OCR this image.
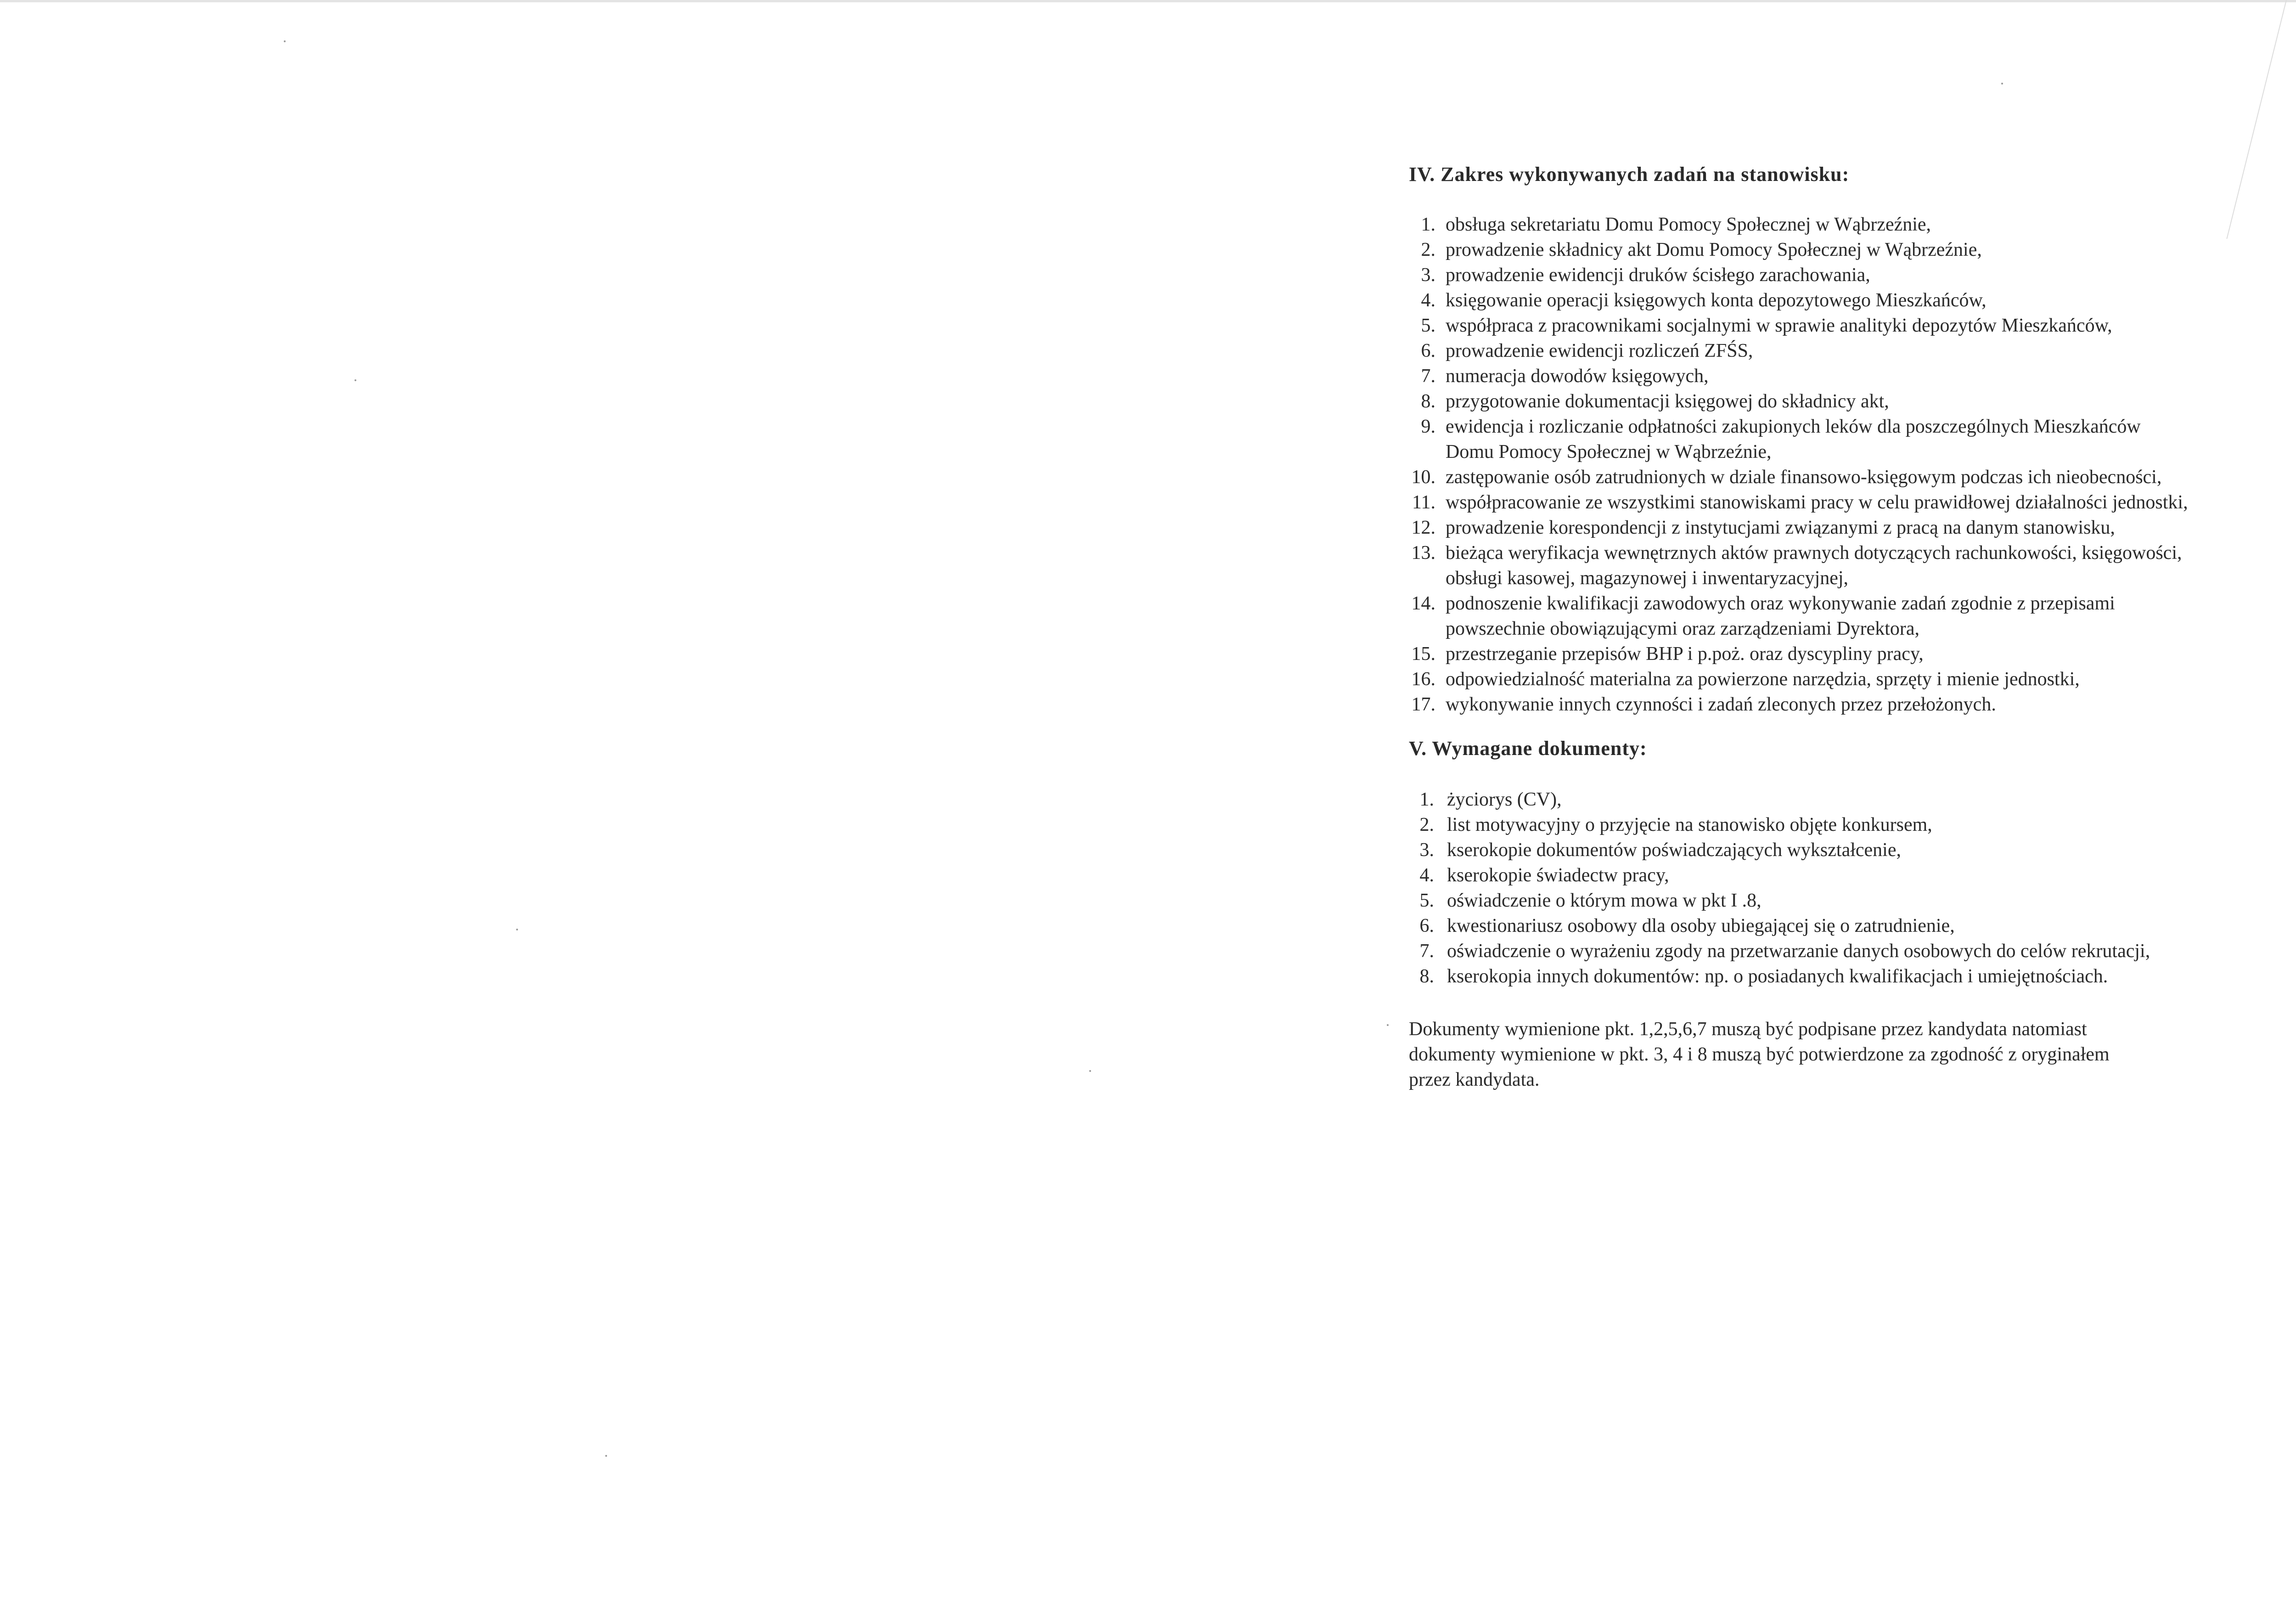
IV. Zakres wykonywanych zadań na stanowisku:
1. obsługa sekretariatu Domu Pomocy Społecznej w Wąbrzeźnie,
2. prowadzenie składnicy akt Domu Pomocy Społecznej w Wąbrzeźnie,
3. prowadzenie ewidencji druków ścisłego zarachowania,
4. księgowanie operacji księgowych konta depozytowego Mieszkańców,
5. współpraca z pracownikami socjalnymi w sprawie analityki depozytów Mieszkańców,
6. prowadzenie ewidencji rozliczeń ZFŚS,
7. numeracja dowodów księgowych,
8. przygotowanie dokumentacji księgowej do składnicy akt,
9. ewidencja i rozliczanie odpłatności zakupionych leków dla poszczególnych Mieszkańców Domu Pomocy Społecznej w Wąbrzeźnie,
10. zastępowanie osób zatrudnionych w dziale finansowo-księgowym podczas ich nieobecności,
11. współpracowanie ze wszystkimi stanowiskami pracy w celu prawidłowej działalności jednostki,
12. prowadzenie korespondencji z instytucjami związanymi z pracą na danym stanowisku,
13. bieżąca weryfikacja wewnętrznych aktów prawnych dotyczących rachunkowości, księgowości, obsługi kasowej, magazynowej i inwentaryzacyjnej,
14. podnoszenie kwalifikacji zawodowych oraz wykonywanie zadań zgodnie z przepisami powszechnie obowiązującymi oraz zarządzeniami Dyrektora,
15. przestrzeganie przepisów BHP i p.poż. oraz dyscypliny pracy,
16. odpowiedzialność materialna za powierzone narzędzia, sprzęty i mienie jednostki,
17. wykonywanie innych czynności i zadań zleconych przez przełożonych.
V. Wymagane dokumenty:
1. życiorys (CV),
2. list motywacyjny o przyjęcie na stanowisko objęte konkursem,
3. kserokopie dokumentów poświadczających wykształcenie,
4. kserokopie świadectw pracy,
5. oświadczenie o którym mowa w pkt I .8,
6. kwestionariusz osobowy dla osoby ubiegającej się o zatrudnienie,
7. oświadczenie o wyrażeniu zgody na przetwarzanie danych osobowych do celów rekrutacji,
8. kserokopia innych dokumentów: np. o posiadanych kwalifikacjach i umiejętnościach.

Dokumenty wymienione pkt. 1,2,5,6,7 muszą być podpisane przez kandydata natomiast dokumenty wymienione w pkt. 3, 4 i 8 muszą być potwierdzone za zgodność z oryginałem przez kandydata.
